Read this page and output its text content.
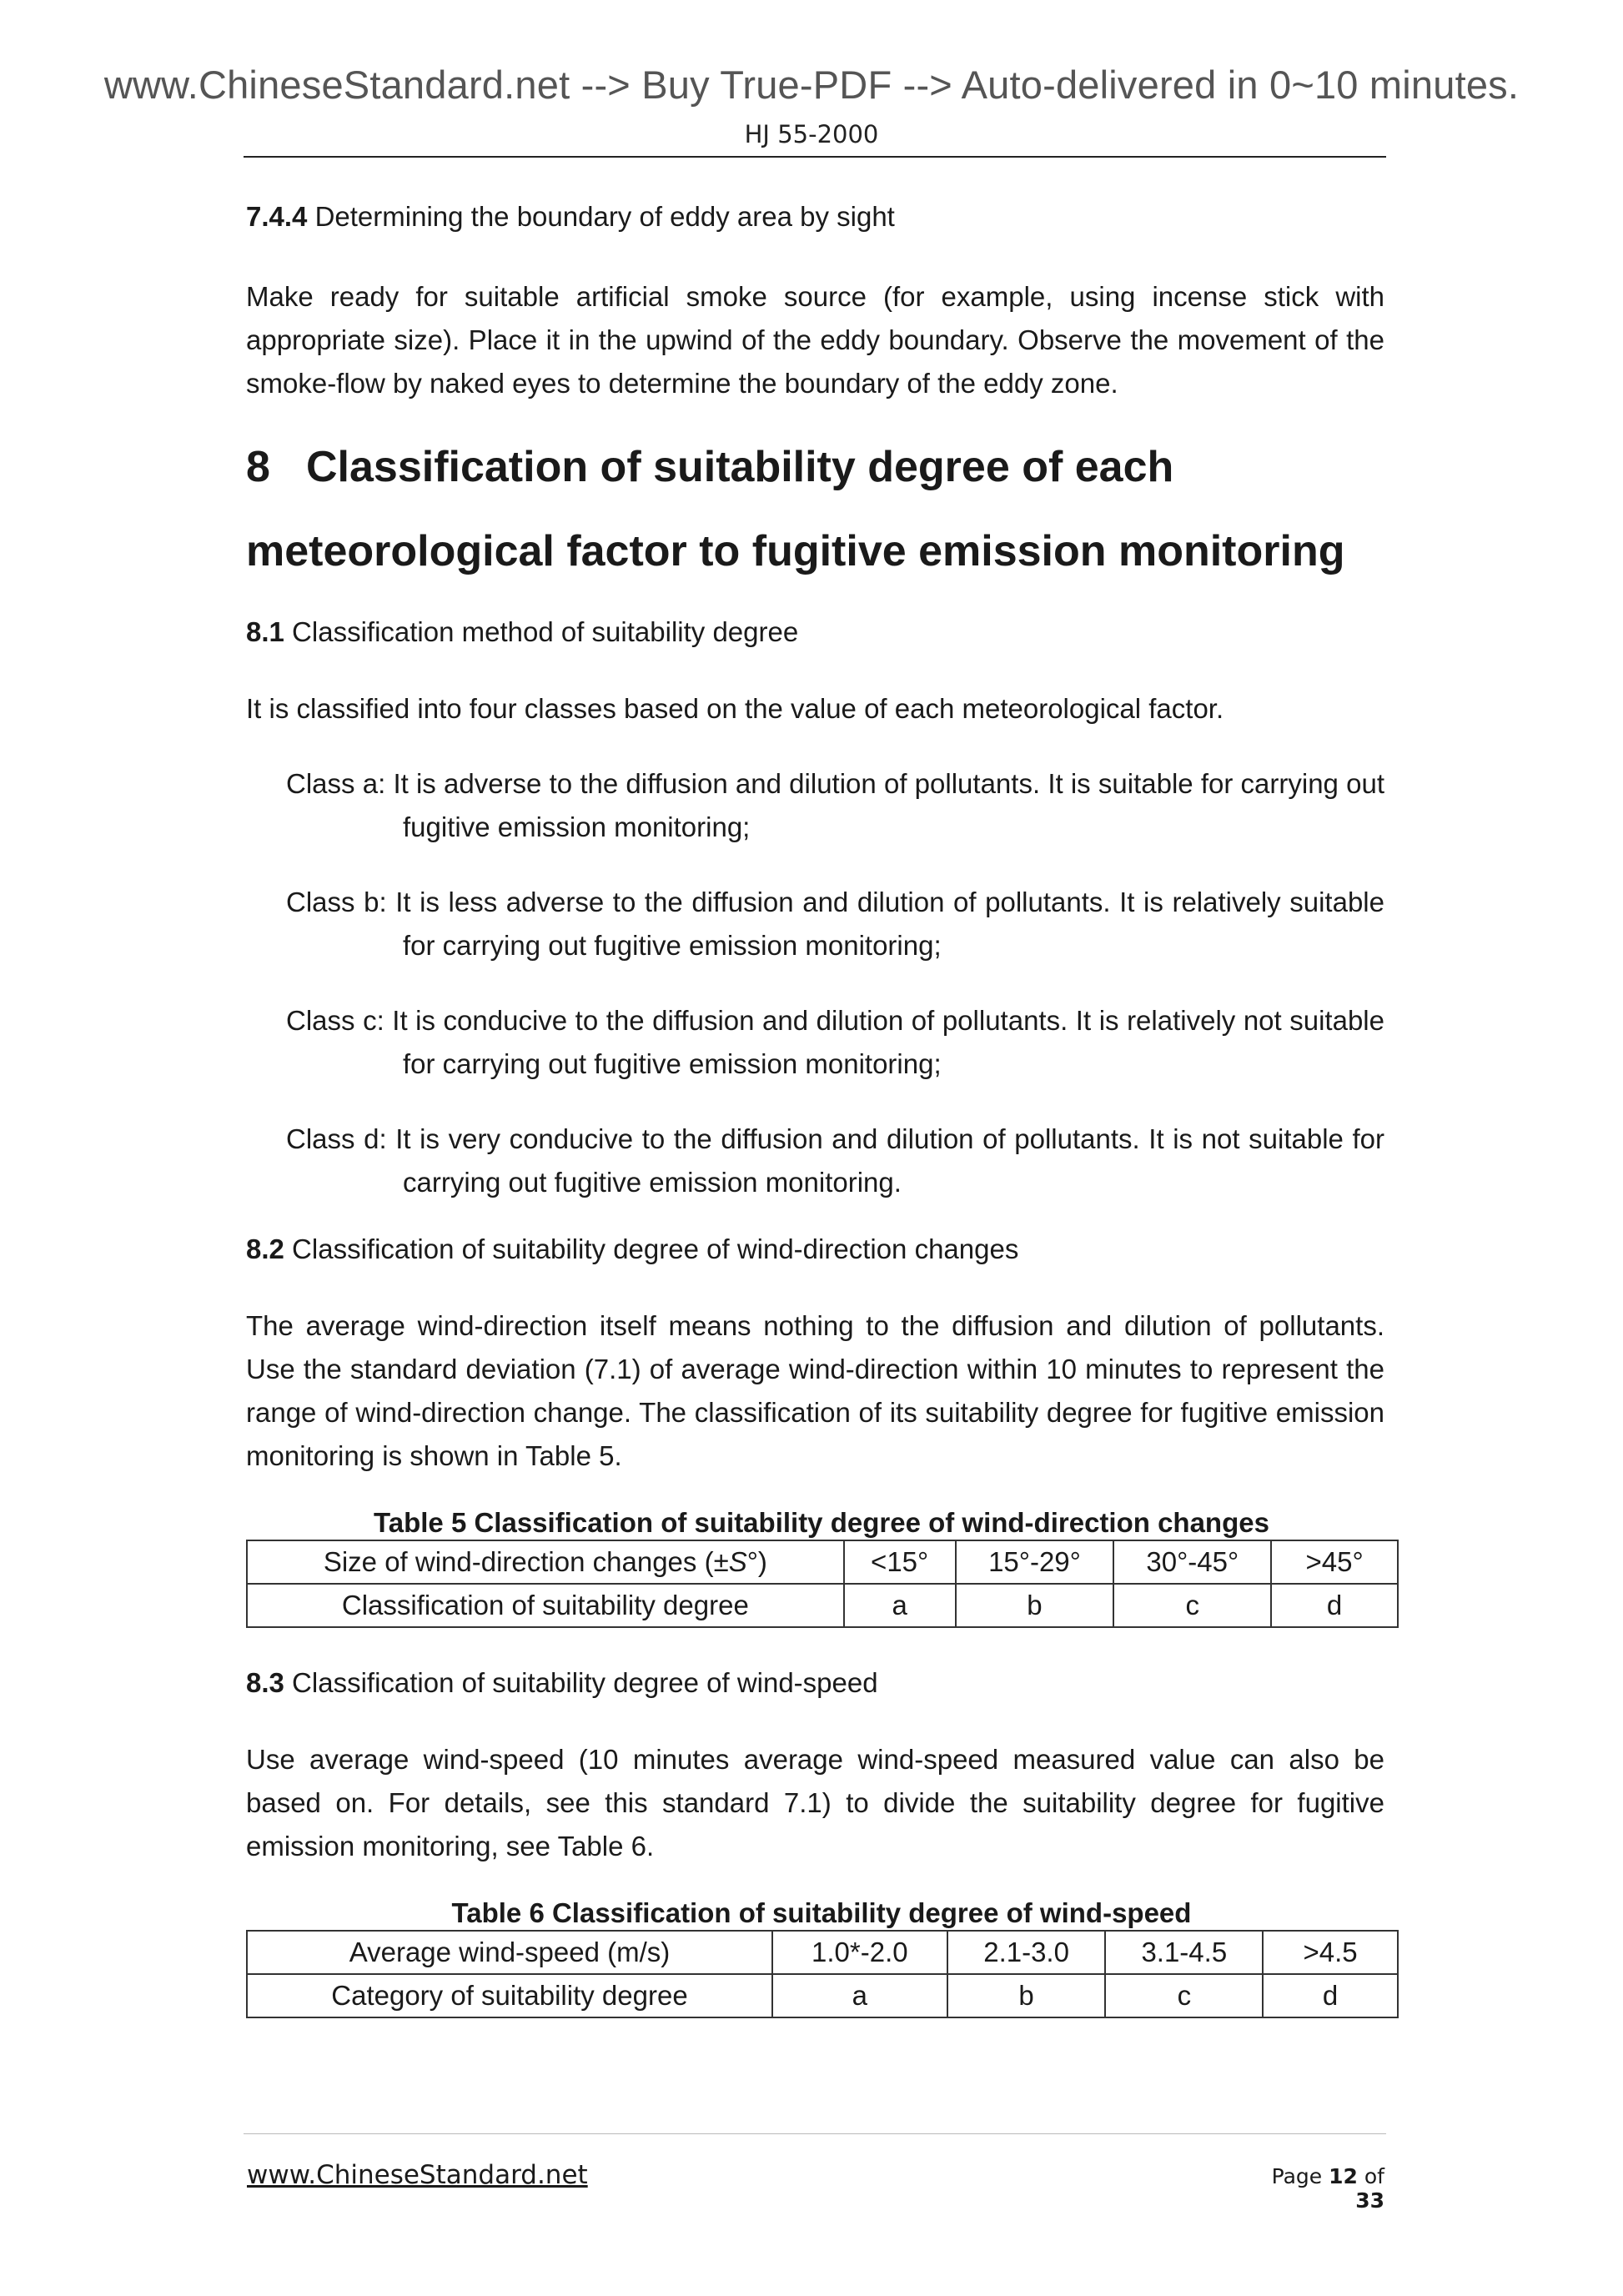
www.ChineseStandard.net --> Buy True-PDF --> Auto-delivered in 0~10 minutes.
HJ 55-2000

7.4.4 Determining the boundary of eddy area by sight

Make ready for suitable artificial smoke source (for example, using incense stick with appropriate size). Place it in the upwind of the eddy boundary. Observe the movement of the smoke-flow by naked eyes to determine the boundary of the eddy zone.

8 Classification of suitability degree of each

meteorological factor to fugitive emission monitoring

8.1 Classification method of suitability degree

It is classified into four classes based on the value of each meteorological factor.

Class a: It is adverse to the diffusion and dilution of pollutants. It is suitable for carrying out fugitive emission monitoring;

Class b: It is less adverse to the diffusion and dilution of pollutants. It is relatively suitable for carrying out fugitive emission monitoring;

Class c: It is conducive to the diffusion and dilution of pollutants. It is relatively not suitable for carrying out fugitive emission monitoring;

Class d: It is very conducive to the diffusion and dilution of pollutants. It is not suitable for carrying out fugitive emission monitoring.

8.2 Classification of suitability degree of wind-direction changes

The average wind-direction itself means nothing to the diffusion and dilution of pollutants. Use the standard deviation (7.1) of average wind-direction within 10 minutes to represent the range of wind-direction change. The classification of its suitability degree for fugitive emission monitoring is shown in Table 5.

Table 5 Classification of suitability degree of wind-direction changes

Size of wind-direction changes (±S°)	<15°	15°-29°	30°-45°	>45°
Classification of suitability degree	a	b	c	d

8.3 Classification of suitability degree of wind-speed

Use average wind-speed (10 minutes average wind-speed measured value can also be based on. For details, see this standard 7.1) to divide the suitability degree for fugitive emission monitoring, see Table 6.

Table 6 Classification of suitability degree of wind-speed

Average wind-speed (m/s)	1.0*-2.0	2.1-3.0	3.1-4.5	>4.5
Category of suitability degree	a	b	c	d
www.ChineseStandard.net	Page 12 of 33
